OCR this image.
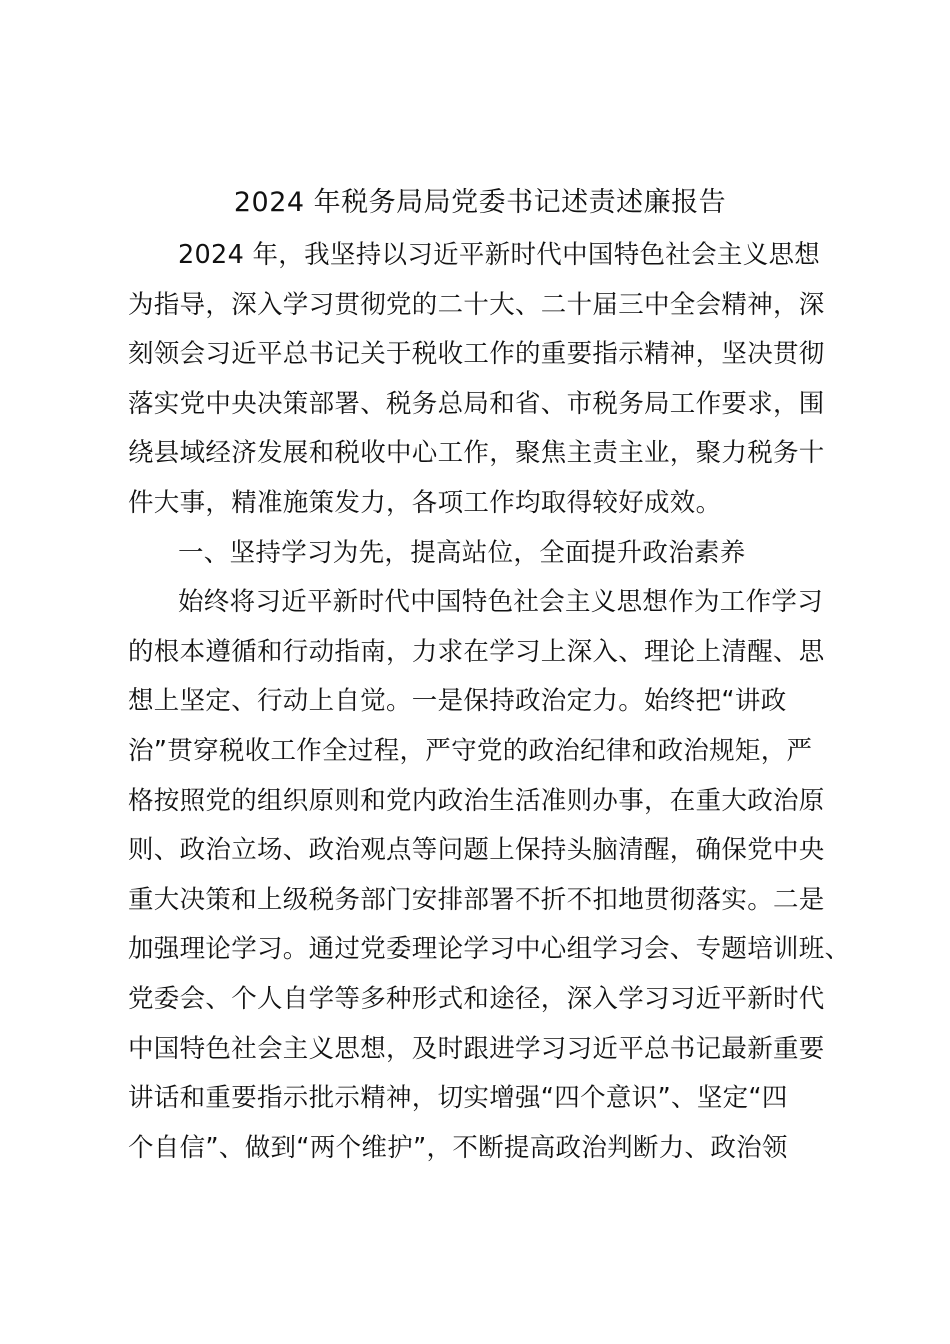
2024 年税务局局党委书记述责述廉报告
2024 年，我坚持以习近平新时代中国特色社会主义思想
为指导，深入学习贯彻党的二十大、二十届三中全会精神，深
刻领会习近平总书记关于税收工作的重要指示精神，坚决贯彻
落实党中央决策部署、税务总局和省、市税务局工作要求，围
绕县域经济发展和税收中心工作，聚焦主责主业，聚力税务十
件大事，精准施策发力，各项工作均取得较好成效。
一、坚持学习为先，提高站位，全面提升政治素养
始终将习近平新时代中国特色社会主义思想作为工作学习
的根本遵循和行动指南，力求在学习上深入、理论上清醒、思
想上坚定、行动上自觉。一是保持政治定力。始终把“讲政
治”贯穿税收工作全过程，严守党的政治纪律和政治规矩，严
格按照党的组织原则和党内政治生活准则办事，在重大政治原
则、政治立场、政治观点等问题上保持头脑清醒，确保党中央
重大决策和上级税务部门安排部署不折不扣地贯彻落实。二是
加强理论学习。通过党委理论学习中心组学习会、专题培训班、
党委会、个人自学等多种形式和途径，深入学习习近平新时代
中国特色社会主义思想，及时跟进学习习近平总书记最新重要
讲话和重要指示批示精神，切实增强“四个意识”、坚定“四
个自信”、做到“两个维护”，不断提高政治判断力、政治领
